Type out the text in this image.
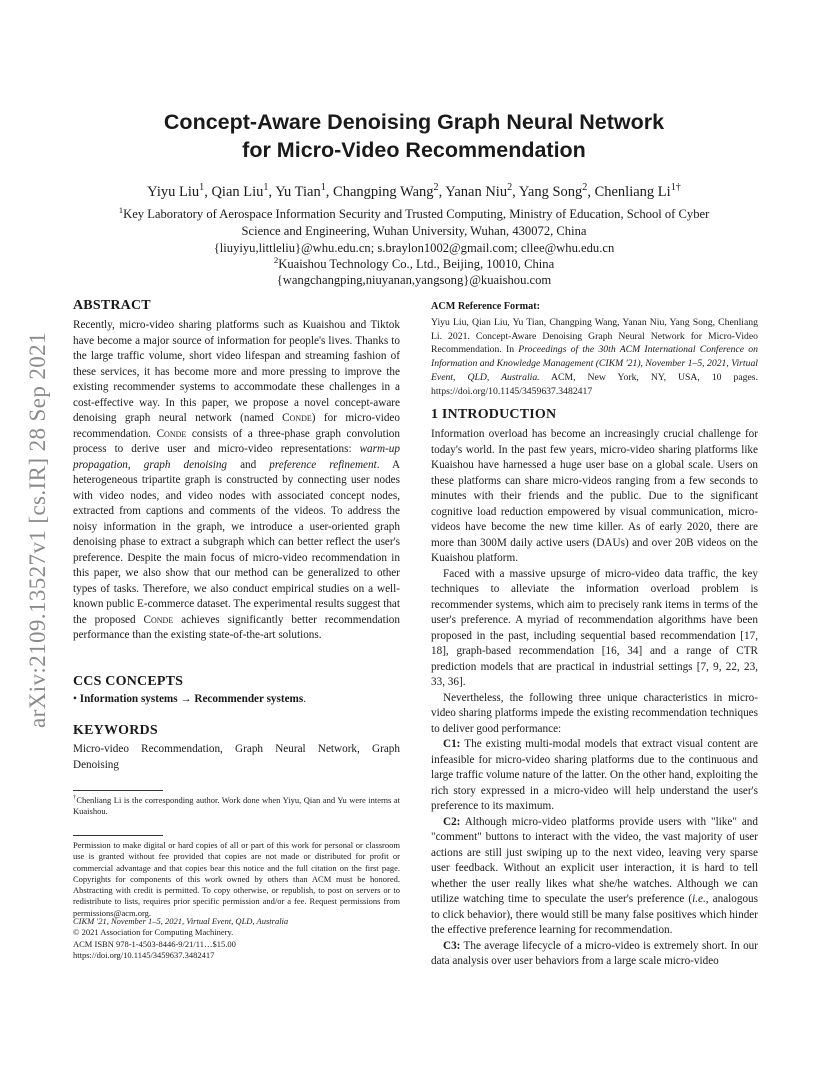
arXiv:2109.13527v1 [cs.IR] 28 Sep 2021
Concept-Aware Denoising Graph Neural Network
for Micro-Video Recommendation
Yiyu Liu$^1$, Qian Liu$^1$, Yu Tian$^1$, Changping Wang$^2$, Yanan Niu$^2$, Yang Song$^2$, Chenliang $Li^{1\dagger}$
$^1$Key Laboratory of Aerospace Information Security and Trusted Computing, Ministry of Education, School of Cyber
Science and Engineering, Wuhan University, Wuhan, 430072, China
{liuyiyu,littleliu}@whu.edu.cn; s.braylon1002@gmail.com; cllee@whu.edu.cn
$^2$Kuaishou Technology Co., Ltd., Beijing, 10010, China
{wangchangping,niuyanan,yangsong}@kuaishou.com
ABSTRACT

Recently, micro-video sharing platforms such as Kuaishou and Tiktok have become a major source of information for people's lives. Thanks to the large traffic volume, short video lifespan and streaming fashion of these services, it has become more and more pressing to improve the existing recommender systems to accommodate these challenges in a cost-effective way. In this paper, we propose a novel concept-aware denoising graph neural network (named Conde) for micro-video recommendation. Conde consists of a three-phase graph convolution process to derive user and micro-video representations: warm-up propagation, graph denoising and preference refinement. A heterogeneous tripartite graph is constructed by connecting user nodes with video nodes, and video nodes with associated concept nodes, extracted from captions and comments of the videos. To address the noisy information in the graph, we introduce a user-oriented graph denoising phase to extract a subgraph which can better reflect the user's preference. Despite the main focus of micro-video recommendation in this paper, we also show that our method can be generalized to other types of tasks. Therefore, we also conduct empirical studies on a well-known public E-commerce dataset. The experimental results suggest that the proposed Conde achieves significantly better recommendation performance than the existing state-of-the-art solutions.

CCS CONCEPTS

• Information systems → Recommender systems.

KEYWORDS

Micro-video Recommendation, Graph Neural Network, Graph Denoising

†Chenliang Li is the corresponding author. Work done when Yiyu, Qian and Yu were interns at Kuaishou.

Permission to make digital or hard copies of all or part of this work for personal or classroom use is granted without fee provided that copies are not made or distributed for profit or commercial advantage and that copies bear this notice and the full citation on the first page. Copyrights for components of this work owned by others than ACM must be honored. Abstracting with credit is permitted. To copy otherwise, or republish, to post on servers or to redistribute to lists, requires prior specific permission and/or a fee. Request permissions from permissions@acm.org.

CIKM '21, November 1–5, 2021, Virtual Event, QLD, Australia

© 2021 Association for Computing Machinery.

ACM ISBN 978-1-4503-8446-9/21/11…$15.00

https://doi.org/10.1145/3459637.3482417

ACM Reference Format:

Yiyu Liu, Qian Liu, Yu Tian, Changping Wang, Yanan Niu, Yang Song, Chenliang Li. 2021. Concept-Aware Denoising Graph Neural Network for Micro-Video Recommendation. In Proceedings of the 30th ACM International Conference on Information and Knowledge Management (CIKM '21), November 1–5, 2021, Virtual Event, QLD, Australia. ACM, New York, NY, USA, 10 pages. https://doi.org/10.1145/3459637.3482417

1 INTRODUCTION

Information overload has become an increasingly crucial challenge for today's world. In the past few years, micro-video sharing platforms like Kuaishou have harnessed a huge user base on a global scale. Users on these platforms can share micro-videos ranging from a few seconds to minutes with their friends and the public. Due to the significant cognitive load reduction empowered by visual communication, micro-videos have become the new time killer. As of early 2020, there are more than 300M daily active users (DAUs) and over 20B videos on the Kuaishou platform.

Faced with a massive upsurge of micro-video data traffic, the key techniques to alleviate the information overload problem is recommender systems, which aim to precisely rank items in terms of the user's preference. A myriad of recommendation algorithms have been proposed in the past, including sequential based recommendation [17, 18], graph-based recommendation [16, 34] and a range of CTR prediction models that are practical in industrial settings [7, 9, 22, 23, 33, 36].

Nevertheless, the following three unique characteristics in micro-video sharing platforms impede the existing recommendation techniques to deliver good performance:

C1: The existing multi-modal models that extract visual content are infeasible for micro-video sharing platforms due to the continuous and large traffic volume nature of the latter. On the other hand, exploiting the rich story expressed in a micro-video will help understand the user's preference to its maximum.

C2: Although micro-video platforms provide users with "like" and "comment" buttons to interact with the video, the vast majority of user actions are still just swiping up to the next video, leaving very sparse user feedback. Without an explicit user interaction, it is hard to tell whether the user really likes what she/he watches. Although we can utilize watching time to speculate the user's preference (i.e., analogous to click behavior), there would still be many false positives which hinder the effective preference learning for recommendation.

C3: The average lifecycle of a micro-video is extremely short. In our data analysis over user behaviors from a large scale micro-video
